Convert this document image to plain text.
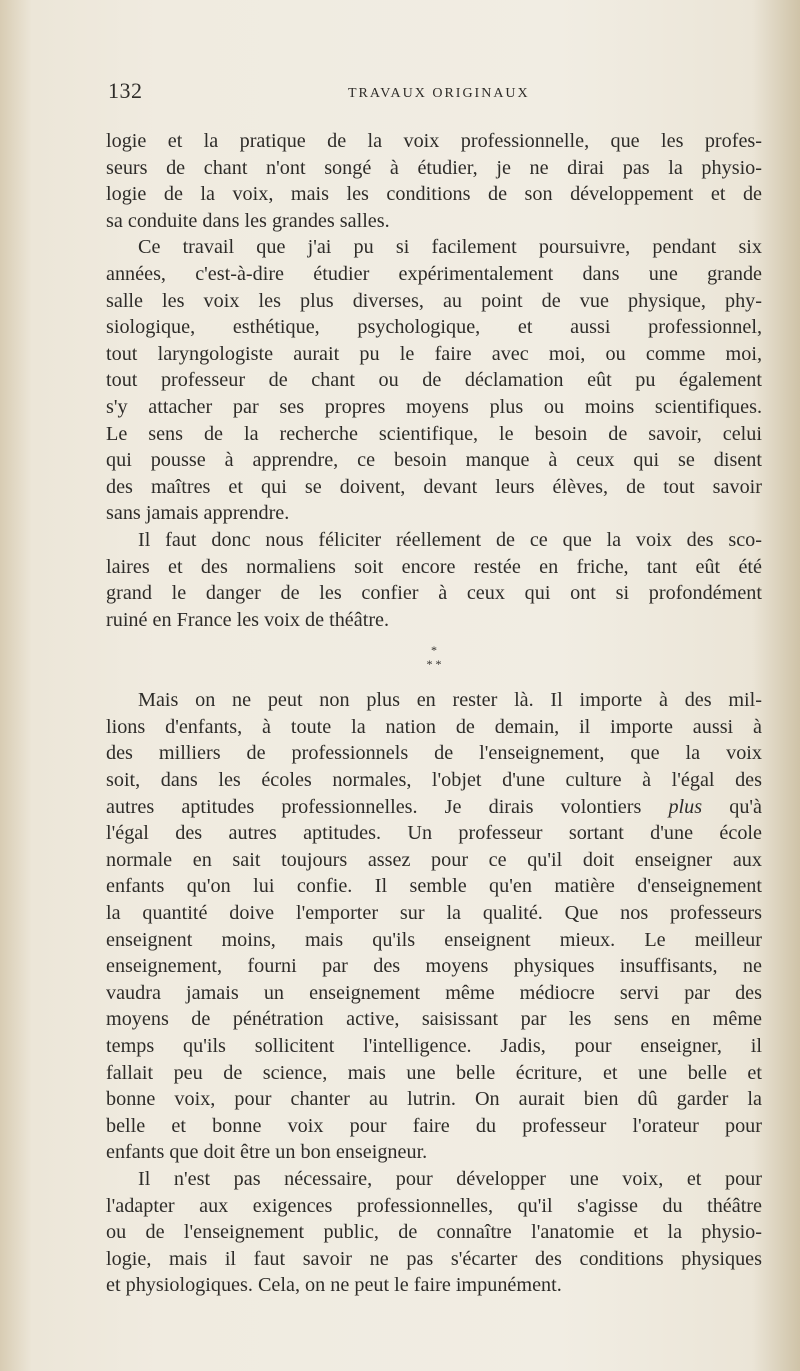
132	TRAVAUX ORIGINAUX
logie et la pratique de la voix professionnelle, que les profes-
seurs de chant n'ont songé à étudier, je ne dirai pas la physio-
logie de la voix, mais les conditions de son développement et de
sa conduite dans les grandes salles.
Ce travail que j'ai pu si facilement poursuivre, pendant six
années, c'est-à-dire étudier expérimentalement dans une grande
salle les voix les plus diverses, au point de vue physique, phy-
siologique, esthétique, psychologique, et aussi professionnel,
tout laryngologiste aurait pu le faire avec moi, ou comme moi,
tout professeur de chant ou de déclamation eût pu également
s'y attacher par ses propres moyens plus ou moins scientifiques.
Le sens de la recherche scientifique, le besoin de savoir, celui
qui pousse à apprendre, ce besoin manque à ceux qui se disent
des maîtres et qui se doivent, devant leurs élèves, de tout savoir
sans jamais apprendre.
Il faut donc nous féliciter réellement de ce que la voix des sco-
laires et des normaliens soit encore restée en friche, tant eût été
grand le danger de les confier à ceux qui ont si profondément
ruiné en France les voix de théâtre.
*
* *
Mais on ne peut non plus en rester là. Il importe à des mil-
lions d'enfants, à toute la nation de demain, il importe aussi à
des milliers de professionnels de l'enseignement, que la voix
soit, dans les écoles normales, l'objet d'une culture à l'égal des
autres aptitudes professionnelles. Je dirais volontiers plus qu'à
l'égal des autres aptitudes. Un professeur sortant d'une école
normale en sait toujours assez pour ce qu'il doit enseigner aux
enfants qu'on lui confie. Il semble qu'en matière d'enseignement
la quantité doive l'emporter sur la qualité. Que nos professeurs
enseignent moins, mais qu'ils enseignent mieux. Le meilleur
enseignement, fourni par des moyens physiques insuffisants, ne
vaudra jamais un enseignement même médiocre servi par des
moyens de pénétration active, saisissant par les sens en même
temps qu'ils sollicitent l'intelligence. Jadis, pour enseigner, il
fallait peu de science, mais une belle écriture, et une belle et
bonne voix, pour chanter au lutrin. On aurait bien dû garder la
belle et bonne voix pour faire du professeur l'orateur pour
enfants que doit être un bon enseigneur.
Il n'est pas nécessaire, pour développer une voix, et pour
l'adapter aux exigences professionnelles, qu'il s'agisse du théâtre
ou de l'enseignement public, de connaître l'anatomie et la physio-
logie, mais il faut savoir ne pas s'écarter des conditions physiques
et physiologiques. Cela, on ne peut le faire impunément.
